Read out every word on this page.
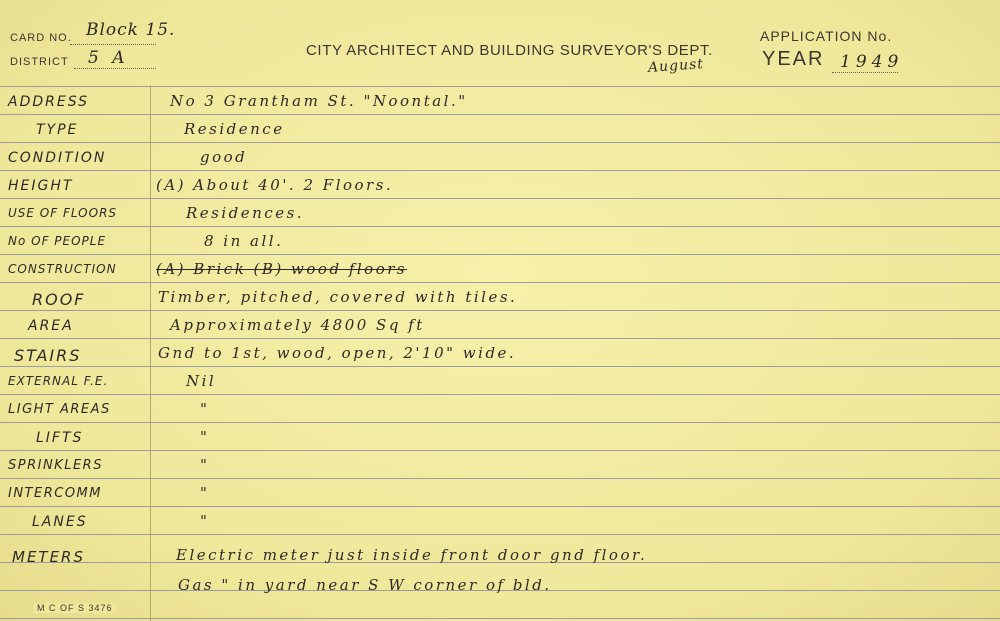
CARD NO. Block 15.
DISTRICT 5 A	CITY ARCHITECT AND BUILDING SURVEYOR'S DEPT.
August
APPLICATION No.
YEAR 1949
ADDRESS
TYPE
CONDITION
HEIGHT
USE OF FLOORS
No OF PEOPLE
CONSTRUCTION
ROOF
AREA
STAIRS
EXTERNAL F.E.
LIGHT AREAS
LIFTS
SPRINKLERS
INTERCOMM
LANES
METERS
No 3 Grantham St. "Noontal."
Residence
good
(A) About 40'. 2 Floors.
Residences.
8 in all.
(A) Brick (B) wood floors
Timber, pitched, covered with tiles.
Approximately 4800 Sq ft
Gnd to 1st, wood, open, 2'10" wide.
Nil
"
"
"
"
"
Electric meter just inside front door gnd floor.
Gas " in yard near S W corner of bld.
M C OF S 3476
